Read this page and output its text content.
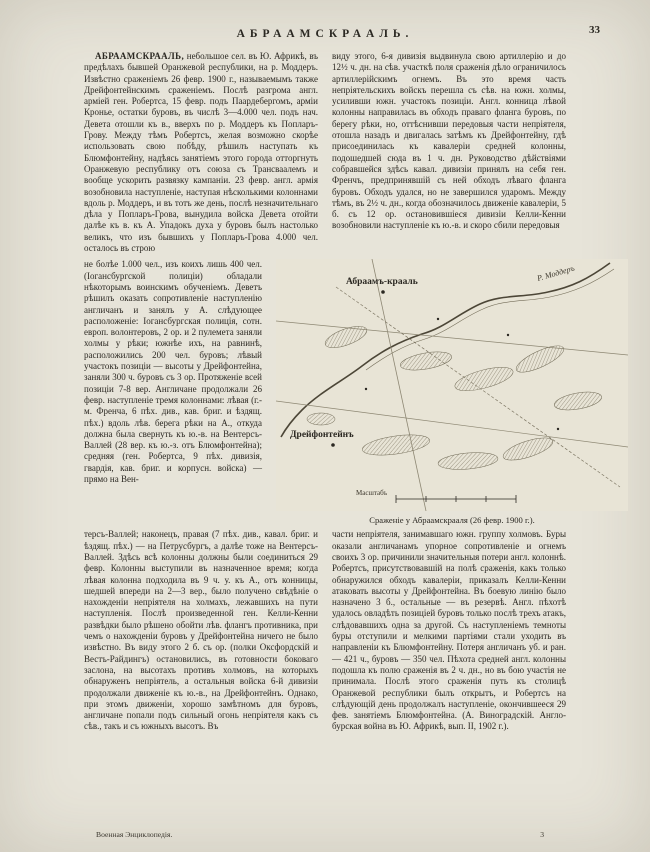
АБРААМСКРААЛЬ.	33

АБРААМСКРААЛЬ, небольшое сел. въ Ю. Африкѣ, въ предѣлахъ бывшей Оранжевой республики, на р. Моддеръ. Извѣстно сраженіемъ 26 февр. 1900 г., называемымъ также Дрейфонтейнскимъ сраженіемъ. Послѣ разгрома англ. арміей ген. Робертса, 15 февр. подъ Паардебергомъ, арміи Кронье, остатки буровъ, въ числѣ 3—4.000 чел. подъ нач. Девета отошли къ в., вверхъ по р. Моддеръ къ Попларъ-Грову. Между тѣмъ Робертсъ, желая возможно скорѣе использовать свою побѣду, рѣшилъ наступать къ Блюмфонтейну, надѣясь занятіемъ этого города отторгнуть Оранжевую республику отъ союза съ Трансваалемъ и вообще ускорить развязку кампаніи. 23 февр. англ. армія возобновила наступленіе, наступая нѣсколькими колоннами вдоль р. Моддеръ, и въ тотъ же день, послѣ незначительнаго дѣла у Попларъ-Грова, вынудила войска Девета отойти далѣе къ в. къ А. Упадокъ духа у буровъ былъ настолько великъ, что изъ бывшихъ у Попларъ-Грова 4.000 чел. осталось въ строю

виду этого, 6-я дивизія выдвинула свою артиллерію и до 12½ ч. дн. на сѣв. участкѣ поля сраженія дѣло ограничилось артиллерійскимъ огнемъ. Въ это время часть непріятельскихъ войскъ перешла съ сѣв. на южн. холмы, усиливши южн. участокъ позиціи. Англ. конница лѣвой колонны направилась въ обходъ праваго фланга буровъ, по берегу рѣки, но, оттѣснивши передовыя части непріятеля, отошла назадъ и двигалась затѣмъ къ Дрейфонтейну, гдѣ присоединилась къ кавалеріи средней колонны, подошедшей сюда въ 1 ч. дн. Руководство дѣйствіями собравшейся здѣсь кавал. дивизіи принялъ на себя ген. Френчъ, предпринявшій съ ней обходъ лѣваго фланга буровъ. Обходъ удался, но не завершился ударомъ. Между тѣмъ, въ 2½ ч. дн., когда обозначилось движеніе кавалеріи, 5 б. съ 12 ор. остановившіеся дивизіи Келли-Кенни возобновили наступленіе къ ю.-в. и скоро сбили передовыя

не болѣе 1.000 чел., изъ коихъ лишь 400 чел. (Іогансбургской полиціи) обладали нѣкоторымъ воинскимъ обученіемъ. Деветъ рѣшилъ оказать сопротивленіе наступленію англичанъ и занялъ у А. слѣдующее расположеніе: Іогансбургская полиція, сотн. европ. волонтеровъ, 2 ор. и 2 пулемета заняли холмы у рѣки; южнѣе ихъ, на равнинѣ, расположились 200 чел. буровъ; лѣвый участокъ позиціи — высоты у Дрейфонтейна, заняли 300 ч. буровъ съ 3 ор. Протяженіе всей позиціи 7-8 вер. Англичане продолжали 26 февр. наступленіе тремя колоннами: лѣвая (г.-м. Френча, 6 пѣх. див., кав. бриг. и ѣздящ. пѣх.) вдоль лѣв. берега рѣки на А., откуда должна была свернуть къ ю.-в. на Вентерсъ-Валлей (28 вер. къ ю.-з. отъ Блюмфонтейна); средняя (ген. Робертса, 9 пѣх. дивизія, гвардія, кав. бриг. и корпусн. войска) — прямо на Вен-

Абраамъ-крааль	Р. Моддеръ
Дрейфонтейнъ
Масштабъ
Сраженіе у Абраамскрааля (26 февр. 1900 г.).

терсъ-Валлей; наконецъ, правая (7 пѣх. див., кавал. бриг. и ѣздящ. пѣх.) — на Петрусбургъ, а далѣе тоже на Вентерсъ-Валлей. Здѣсь всѣ колонны должны были соединиться 29 февр. Колонны выступили въ назначенное время; когда лѣвая колонна подходила въ 9 ч. у. къ А., отъ конницы, шедшей впереди на 2—3 вер., было получено свѣдѣніе о нахожденіи непріятеля на холмахъ, лежавшихъ на пути наступленія. Послѣ произведенной ген. Келли-Кенни развѣдки было рѣшено обойти лѣв. флангъ противника, при чемъ о нахожденіи буровъ у Дрейфонтейна ничего не было извѣстно. Въ виду этого 2 б. съ ор. (полки Оксфордскій и Вестъ-Райдингъ) остановились, въ готовности боковаго заслона, на высотахъ противъ холмовъ, на которыхъ обнаруженъ непріятель, а остальныя войска 6-й дивизіи продолжали движеніе къ ю.-в., на Дрейфонтейнъ. Однако, при этомъ движеніи, хорошо замѣтномъ для буровъ, англичане попали подъ сильный огонь непріятеля какъ съ сѣв., такъ и съ южныхъ высотъ. Въ

части непріятеля, занимавшаго южн. группу холмовъ. Буры оказали англичанамъ упорное сопротивленіе и огнемъ своихъ 3 ор. причинили значительныя потери англ. колоннѣ. Робертсъ, присутствовавшій на полѣ сраженія, какъ только обнаружился обходъ кавалеріи, приказалъ Келли-Кенни атаковать высоты у Дрейфонтейна. Въ боевую линію было назначено 3 б., остальные — въ резервѣ. Англ. пѣхотѣ удалось овладѣть позиціей буровъ только послѣ трехъ атакъ, слѣдовавшихъ одна за другой. Съ наступленіемъ темноты буры отступили и мелкими партіями стали уходить въ направленіи къ Блюмфонтейну. Потеря англичанъ уб. и ран. — 421 ч., буровъ — 350 чел. Пѣхота средней англ. колонны подошла къ полю сраженія въ 2 ч. дн., но въ бою участія не принимала. Послѣ этого сраженія путь къ столицѣ Оранжевой республики былъ открытъ, и Робертсъ на слѣдующій день продолжалъ наступленіе, окончившееся 29 фев. занятіемъ Блюмфонтейна. (А. Виноградскій. Англо-бурская война въ Ю. Африкѣ, вып. II, 1902 г.).

Военная Энциклопедія.	3
